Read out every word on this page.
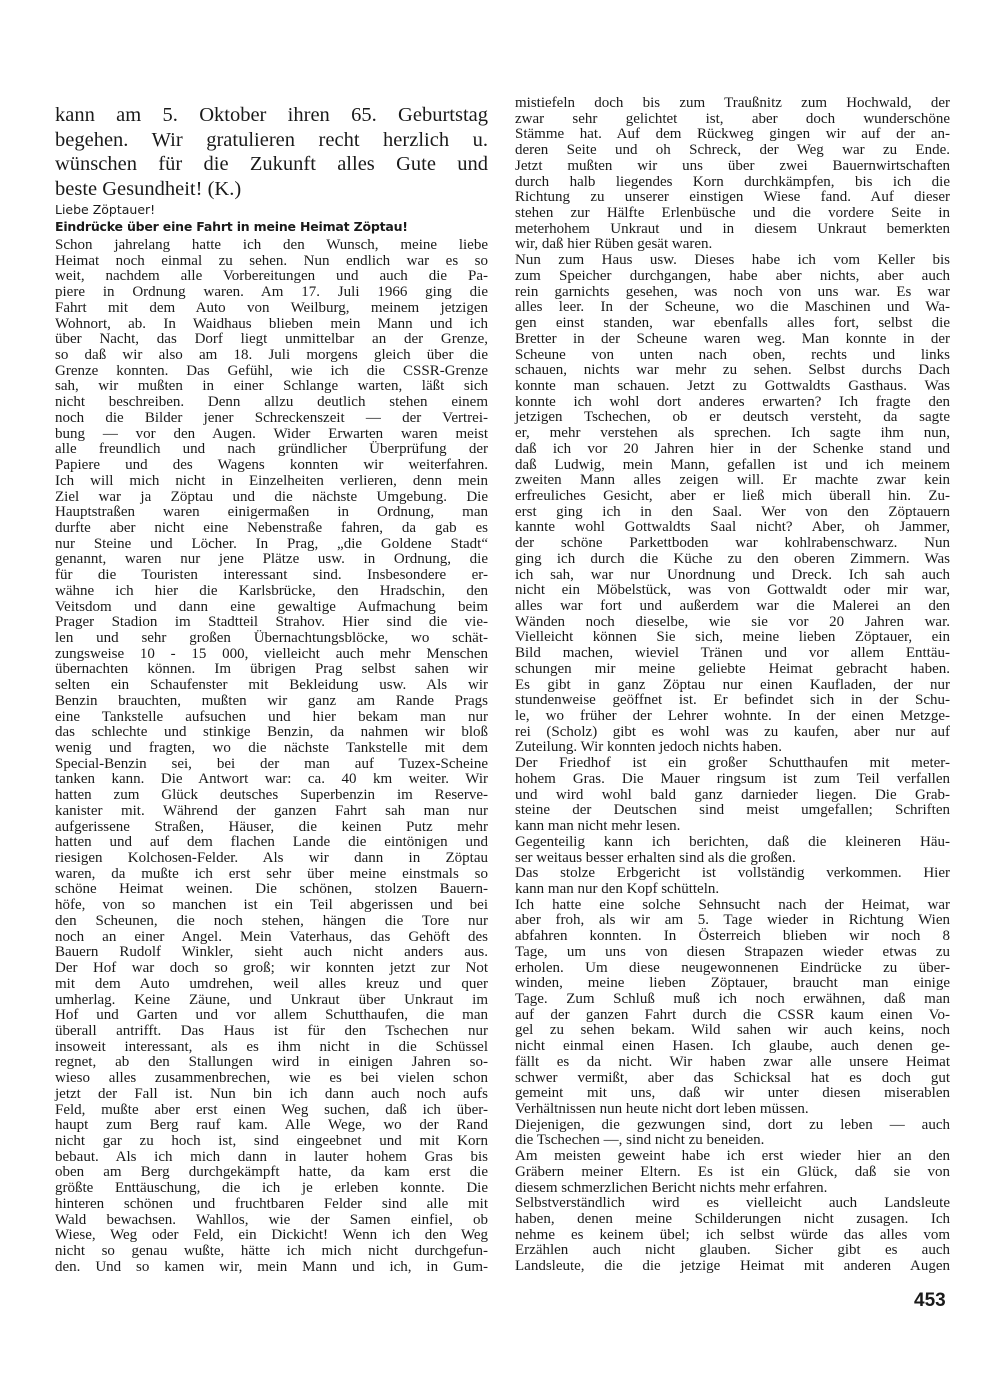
kann am 5. Oktober ihren 65. Geburtstag
begehen. Wir gratulieren recht herzlich u.
wünschen für die Zukunft alles Gute und
beste Gesundheit! (K.)
Liebe Zöptauer!
Eindrücke über eine Fahrt in meine Heimat Zöptau!
Schon jahrelang hatte ich den Wunsch, meine liebe
Heimat noch einmal zu sehen. Nun endlich war es so
weit, nachdem alle Vorbereitungen und auch die Pa-
piere in Ordnung waren. Am 17. Juli 1966 ging die
Fahrt mit dem Auto von Weilburg, meinem jetzigen
Wohnort, ab. In Waidhaus blieben mein Mann und ich
über Nacht, das Dorf liegt unmittelbar an der Grenze,
so daß wir also am 18. Juli morgens gleich über die
Grenze konnten. Das Gefühl, wie ich die CSSR-Grenze
sah, wir mußten in einer Schlange warten, läßt sich
nicht beschreiben. Denn allzu deutlich stehen einem
noch die Bilder jener Schreckenszeit — der Vertrei-
bung — vor den Augen. Wider Erwarten waren meist
alle freundlich und nach gründlicher Überprüfung der
Papiere und des Wagens konnten wir weiterfahren.
Ich will mich nicht in Einzelheiten verlieren, denn mein
Ziel war ja Zöptau und die nächste Umgebung. Die
Hauptstraßen waren einigermaßen in Ordnung, man
durfte aber nicht eine Nebenstraße fahren, da gab es
nur Steine und Löcher. In Prag, „die Goldene Stadt“
genannt, waren nur jene Plätze usw. in Ordnung, die
für die Touristen interessant sind. Insbesondere er-
wähne ich hier die Karlsbrücke, den Hradschin, den
Veitsdom und dann eine gewaltige Aufmachung beim
Prager Stadion im Stadtteil Strahov. Hier sind die vie-
len und sehr großen Übernachtungsblöcke, wo schät-
zungsweise 10 - 15 000, vielleicht auch mehr Menschen
übernachten können. Im übrigen Prag selbst sahen wir
selten ein Schaufenster mit Bekleidung usw. Als wir
Benzin brauchten, mußten wir ganz am Rande Prags
eine Tankstelle aufsuchen und hier bekam man nur
das schlechte und stinkige Benzin, da nahmen wir bloß
wenig und fragten, wo die nächste Tankstelle mit dem
Special-Benzin sei, bei der man auf Tuzex-Scheine
tanken kann. Die Antwort war: ca. 40 km weiter. Wir
hatten zum Glück deutsches Superbenzin im Reserve-
kanister mit. Während der ganzen Fahrt sah man nur
aufgerissene Straßen, Häuser, die keinen Putz mehr
hatten und auf dem flachen Lande die eintönigen und
riesigen Kolchosen-Felder. Als wir dann in Zöptau
waren, da mußte ich erst sehr über meine einstmals so
schöne Heimat weinen. Die schönen, stolzen Bauern-
höfe, von so manchen ist ein Teil abgerissen und bei
den Scheunen, die noch stehen, hängen die Tore nur
noch an einer Angel. Mein Vaterhaus, das Gehöft des
Bauern Rudolf Winkler, sieht auch nicht anders aus.
Der Hof war doch so groß; wir konnten jetzt zur Not
mit dem Auto umdrehen, weil alles kreuz und quer
umherlag. Keine Zäune, und Unkraut über Unkraut im
Hof und Garten und vor allem Schutthaufen, die man
überall antrifft. Das Haus ist für den Tschechen nur
insoweit interessant, als es ihm nicht in die Schüssel
regnet, ab den Stallungen wird in einigen Jahren so-
wieso alles zusammenbrechen, wie es bei vielen schon
jetzt der Fall ist. Nun bin ich dann auch noch aufs
Feld, mußte aber erst einen Weg suchen, daß ich über-
haupt zum Berg rauf kam. Alle Wege, wo der Rand
nicht gar zu hoch ist, sind eingeebnet und mit Korn
bebaut. Als ich mich dann in lauter hohem Gras bis
oben am Berg durchgekämpft hatte, da kam erst die
größte Enttäuschung, die ich je erleben konnte. Die
hinteren schönen und fruchtbaren Felder sind alle mit
Wald bewachsen. Wahllos, wie der Samen einfiel, ob
Wiese, Weg oder Feld, ein Dickicht! Wenn ich den Weg
nicht so genau wußte, hätte ich mich nicht durchgefun-
den. Und so kamen wir, mein Mann und ich, in Gum-
mistiefeln doch bis zum Traußnitz zum Hochwald, der
zwar sehr gelichtet ist, aber doch wunderschöne
Stämme hat. Auf dem Rückweg gingen wir auf der an-
deren Seite und oh Schreck, der Weg war zu Ende.
Jetzt mußten wir uns über zwei Bauernwirtschaften
durch halb liegendes Korn durchkämpfen, bis ich die
Richtung zu unserer einstigen Wiese fand. Auf dieser
stehen zur Hälfte Erlenbüsche und die vordere Seite in
meterhohem Unkraut und in diesem Unkraut bemerkten
wir, daß hier Rüben gesät waren.
Nun zum Haus usw. Dieses habe ich vom Keller bis
zum Speicher durchgangen, habe aber nichts, aber auch
rein garnichts gesehen, was noch von uns war. Es war
alles leer. In der Scheune, wo die Maschinen und Wa-
gen einst standen, war ebenfalls alles fort, selbst die
Bretter in der Scheune waren weg. Man konnte in der
Scheune von unten nach oben, rechts und links
schauen, nichts war mehr zu sehen. Selbst durchs Dach
konnte man schauen. Jetzt zu Gottwaldts Gasthaus. Was
konnte ich wohl dort anderes erwarten? Ich fragte den
jetzigen Tschechen, ob er deutsch versteht, da sagte
er, mehr verstehen als sprechen. Ich sagte ihm nun,
daß ich vor 20 Jahren hier in der Schenke stand und
daß Ludwig, mein Mann, gefallen ist und ich meinem
zweiten Mann alles zeigen will. Er machte zwar kein
erfreuliches Gesicht, aber er ließ mich überall hin. Zu-
erst ging ich in den Saal. Wer von den Zöptauern
kannte wohl Gottwaldts Saal nicht? Aber, oh Jammer,
der schöne Parkettboden war kohlrabenschwarz. Nun
ging ich durch die Küche zu den oberen Zimmern. Was
ich sah, war nur Unordnung und Dreck. Ich sah auch
nicht ein Möbelstück, was von Gottwaldt oder mir war,
alles war fort und außerdem war die Malerei an den
Wänden noch dieselbe, wie sie vor 20 Jahren war.
Vielleicht können Sie sich, meine lieben Zöptauer, ein
Bild machen, wieviel Tränen und vor allem Enttäu-
schungen mir meine geliebte Heimat gebracht haben.
Es gibt in ganz Zöptau nur einen Kaufladen, der nur
stundenweise geöffnet ist. Er befindet sich in der Schu-
le, wo früher der Lehrer wohnte. In der einen Metzge-
rei (Scholz) gibt es wohl was zu kaufen, aber nur auf
Zuteilung. Wir konnten jedoch nichts haben.
Der Friedhof ist ein großer Schutthaufen mit meter-
hohem Gras. Die Mauer ringsum ist zum Teil verfallen
und wird wohl bald ganz darnieder liegen. Die Grab-
steine der Deutschen sind meist umgefallen; Schriften
kann man nicht mehr lesen.
Gegenteilig kann ich berichten, daß die kleineren Häu-
ser weitaus besser erhalten sind als die großen.
Das stolze Erbgericht ist vollständig verkommen. Hier
kann man nur den Kopf schütteln.
Ich hatte eine solche Sehnsucht nach der Heimat, war
aber froh, als wir am 5. Tage wieder in Richtung Wien
abfahren konnten. In Österreich blieben wir noch 8
Tage, um uns von diesen Strapazen wieder etwas zu
erholen. Um diese neugewonnenen Eindrücke zu über-
winden, meine lieben Zöptauer, braucht man einige
Tage. Zum Schluß muß ich noch erwähnen, daß man
auf der ganzen Fahrt durch die CSSR kaum einen Vo-
gel zu sehen bekam. Wild sahen wir auch keins, noch
nicht einmal einen Hasen. Ich glaube, auch denen ge-
fällt es da nicht. Wir haben zwar alle unsere Heimat
schwer vermißt, aber das Schicksal hat es doch gut
gemeint mit uns, daß wir unter diesen miserablen
Verhältnissen nun heute nicht dort leben müssen.
Diejenigen, die gezwungen sind, dort zu leben — auch
die Tschechen —, sind nicht zu beneiden.
Am meisten geweint habe ich erst wieder hier an den
Gräbern meiner Eltern. Es ist ein Glück, daß sie von
diesem schmerzlichen Bericht nichts mehr erfahren.
Selbstverständlich wird es vielleicht auch Landsleute
haben, denen meine Schilderungen nicht zusagen. Ich
nehme es keinem übel; ich selbst würde das alles vom
Erzählen auch nicht glauben. Sicher gibt es auch
Landsleute, die die jetzige Heimat mit anderen Augen
453
